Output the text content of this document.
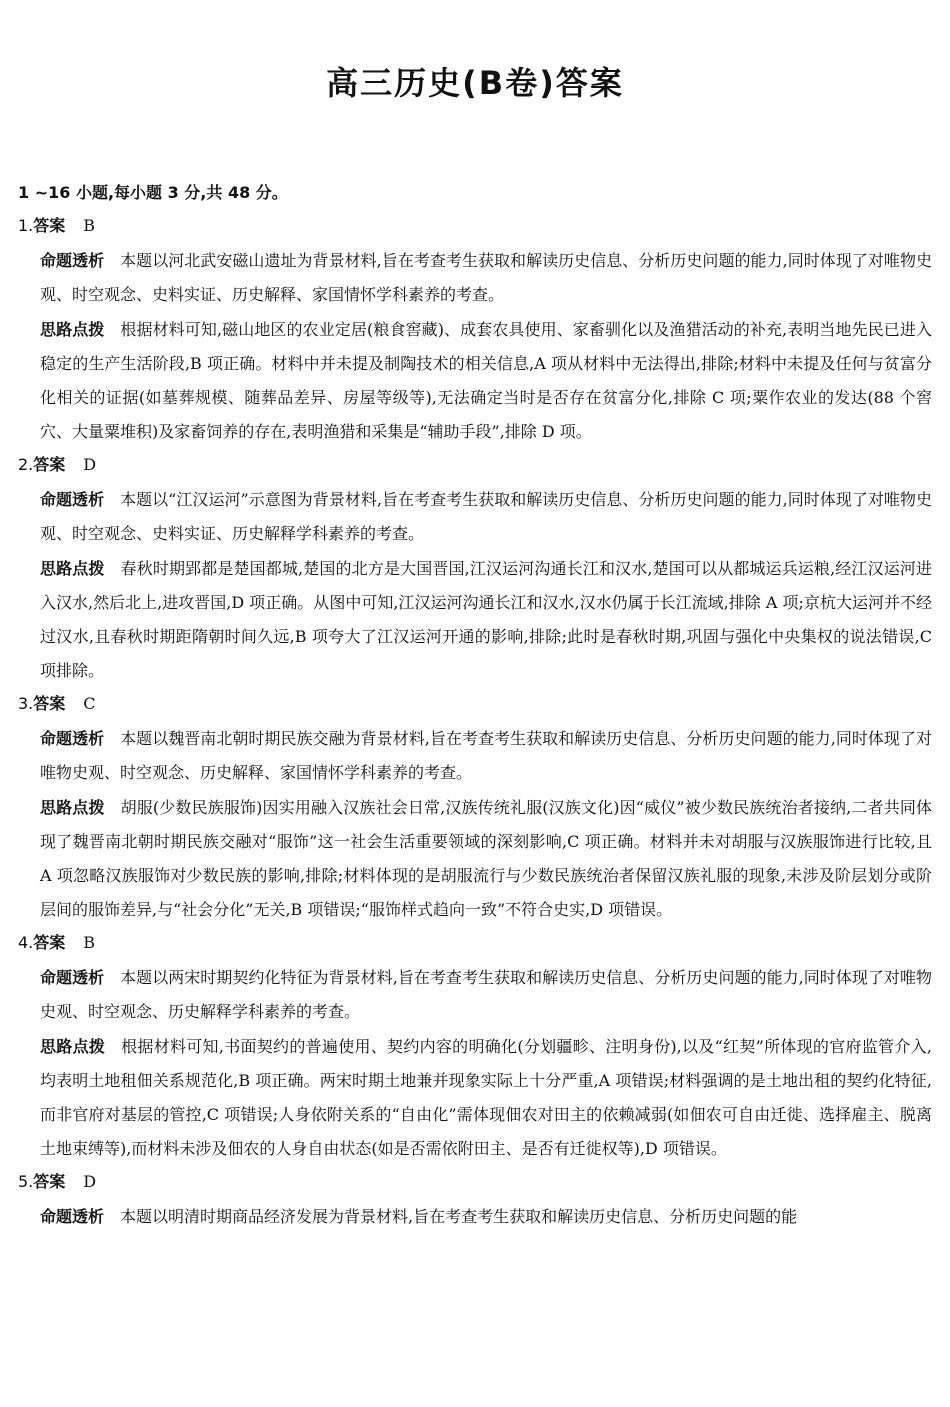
高三历史(B卷)答案
1 ~16 小题,每小题 3 分,共 48 分。
1.答案 B
命题透析 本题以河北武安磁山遗址为背景材料,旨在考查考生获取和解读历史信息、分析历史问题的能力,同时体现了对唯物史观、时空观念、史料实证、历史解释、家国情怀学科素养的考查。
思路点拨 根据材料可知,磁山地区的农业定居(粮食窖藏)、成套农具使用、家畜驯化以及渔猎活动的补充,表明当地先民已进入稳定的生产生活阶段,B 项正确。材料中并未提及制陶技术的相关信息,A 项从材料中无法得出,排除;材料中未提及任何与贫富分化相关的证据(如墓葬规模、随葬品差异、房屋等级等),无法确定当时是否存在贫富分化,排除 C 项;粟作农业的发达(88 个窖穴、大量粟堆积)及家畜饲养的存在,表明渔猎和采集是“辅助手段”,排除 D 项。
2.答案 D
命题透析 本题以“江汉运河”示意图为背景材料,旨在考查考生获取和解读历史信息、分析历史问题的能力,同时体现了对唯物史观、时空观念、史料实证、历史解释学科素养的考查。
思路点拨 春秋时期郢都是楚国都城,楚国的北方是大国晋国,江汉运河沟通长江和汉水,楚国可以从都城运兵运粮,经江汉运河进入汉水,然后北上,进攻晋国,D 项正确。从图中可知,江汉运河沟通长江和汉水,汉水仍属于长江流域,排除 A 项;京杭大运河并不经过汉水,且春秋时期距隋朝时间久远,B 项夸大了江汉运河开通的影响,排除;此时是春秋时期,巩固与强化中央集权的说法错误,C 项排除。
3.答案 C
命题透析 本题以魏晋南北朝时期民族交融为背景材料,旨在考查考生获取和解读历史信息、分析历史问题的能力,同时体现了对唯物史观、时空观念、历史解释、家国情怀学科素养的考查。
思路点拨 胡服(少数民族服饰)因实用融入汉族社会日常,汉族传统礼服(汉族文化)因“威仪”被少数民族统治者接纳,二者共同体现了魏晋南北朝时期民族交融对“服饰”这一社会生活重要领域的深刻影响,C 项正确。材料并未对胡服与汉族服饰进行比较,且 A 项忽略汉族服饰对少数民族的影响,排除;材料体现的是胡服流行与少数民族统治者保留汉族礼服的现象,未涉及阶层划分或阶层间的服饰差异,与“社会分化”无关,B 项错误;“服饰样式趋向一致”不符合史实,D 项错误。
4.答案 B
命题透析 本题以两宋时期契约化特征为背景材料,旨在考查考生获取和解读历史信息、分析历史问题的能力,同时体现了对唯物史观、时空观念、历史解释学科素养的考查。
思路点拨 根据材料可知,书面契约的普遍使用、契约内容的明确化(分划疆畛、注明身份),以及“红契”所体现的官府监管介入,均表明土地租佃关系规范化,B 项正确。两宋时期土地兼并现象实际上十分严重,A 项错误;材料强调的是土地出租的契约化特征,而非官府对基层的管控,C 项错误;人身依附关系的“自由化”需体现佃农对田主的依赖减弱(如佃农可自由迁徙、选择雇主、脱离土地束缚等),而材料未涉及佃农的人身自由状态(如是否需依附田主、是否有迁徙权等),D 项错误。
5.答案 D
命题透析 本题以明清时期商品经济发展为背景材料,旨在考查考生获取和解读历史信息、分析历史问题的能
